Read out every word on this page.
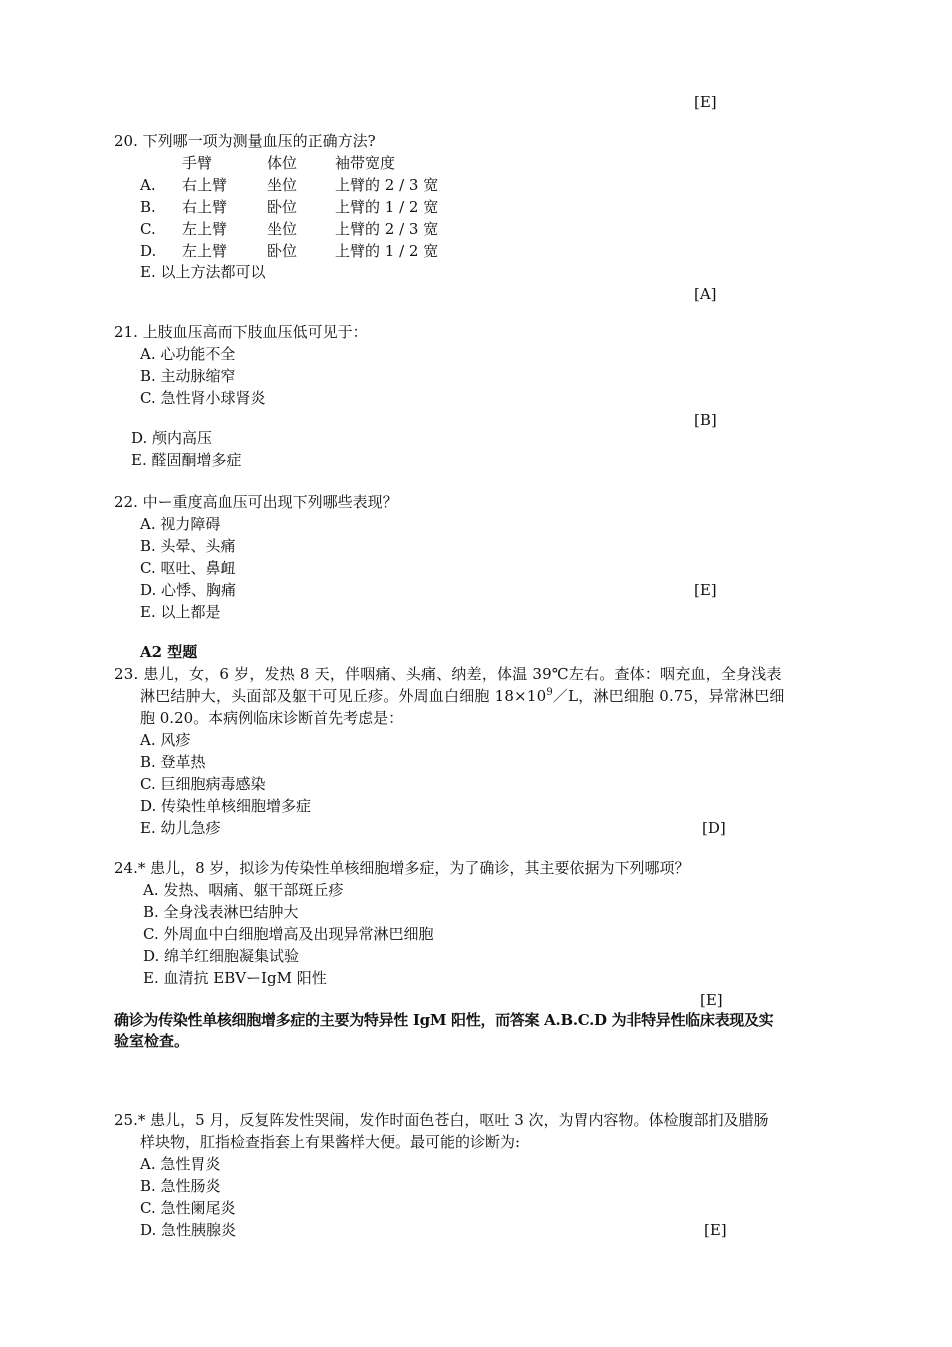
[E]
20. 下列哪一项为测量血压的正确方法?
	手臂	体位	袖带宽度
A.	右上臂	坐位	上臂的 2 / 3 宽
B.	右上臂	卧位	上臂的 1 / 2 宽
C.	左上臂	坐位	上臂的 2 / 3 宽
D.	左上臂	卧位	上臂的 1 / 2 宽
E. 以上方法都可以
[A]
21. 上肢血压高而下肢血压低可见于：
A. 心功能不全
B. 主动脉缩窄
C. 急性肾小球肾炎
[B]
D. 颅内高压
E. 醛固酮增多症
22. 中ー重度高血压可出现下列哪些表现？
A. 视力障碍
B. 头晕、头痛
C. 呕吐、鼻衄
D. 心悸、胸痛	[E]
E. 以上都是
A2 型题
23. 患儿，女，6 岁，发热 8 天，伴咽痛、头痛、纳差，体温 39℃左右。查体：咽充血，全身浅表
淋巴结肿大，头面部及躯干可见丘疹。外周血白细胞 $18\times 10^9/L$，淋巴细胞 0.75，异常淋巴细
胞 0.20。本病例临床诊断首先考虑是：
A. 风疹
B. 登革热
C. 巨细胞病毒感染
D. 传染性单核细胞增多症
E. 幼儿急疹	[D]
24.* 患儿，8 岁，拟诊为传染性单核细胞增多症，为了确诊，其主要依据为下列哪项？
A. 发热、咽痛、躯干部斑丘疹
B. 全身浅表淋巴结肿大
C. 外周血中白细胞增高及出现异常淋巴细胞
D. 绵羊红细胞凝集试验
E. 血清抗 EBVーIgM 阳性
[E]
确诊为传染性单核细胞增多症的主要为特异性 IgM 阳性，而答案 A.B.C.D 为非特异性临床表现及实
验室检查。
25.* 患儿，5 月，反复阵发性哭闹，发作时面色苍白，呕吐 3 次，为胃内容物。体检腹部扪及腊肠
样块物，肛指检查指套上有果酱样大便。最可能的诊断为:
A. 急性胃炎
B. 急性肠炎
C. 急性阑尾炎
D. 急性胰腺炎	[E]
